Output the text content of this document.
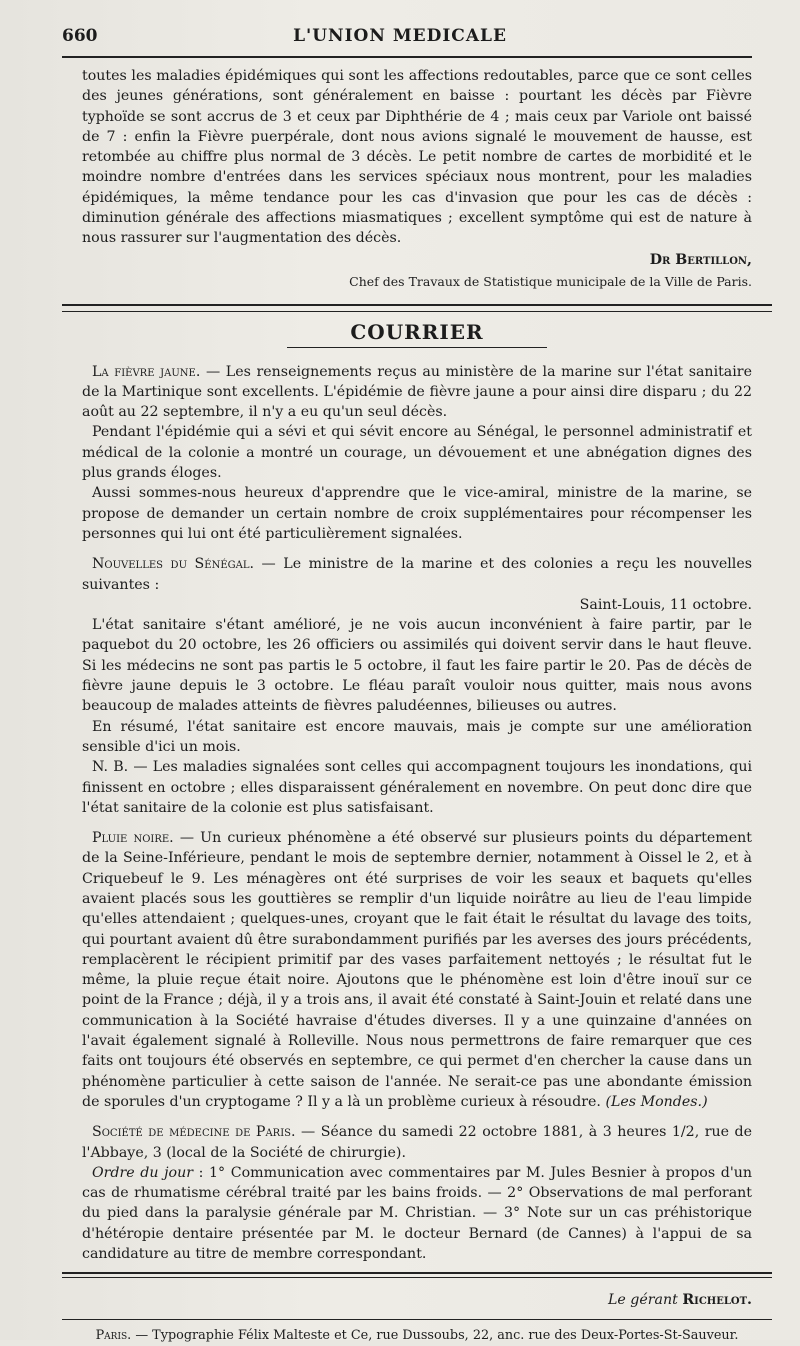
660	L'UNION MEDICALE

toutes les maladies épidémiques qui sont les affections redoutables, parce que ce sont celles des jeunes générations, sont généralement en baisse : pourtant les décès par Fièvre typhoïde se sont accrus de 3 et ceux par Diphthérie de 4 ; mais ceux par Variole ont baissé de 7 : enfin la Fièvre puerpérale, dont nous avions signalé le mouvement de hausse, est retombée au chiffre plus normal de 3 décès. Le petit nombre de cartes de morbidité et le moindre nombre d'entrées dans les services spéciaux nous montrent, pour les maladies épidémiques, la même tendance pour les cas d'invasion que pour les cas de décès : diminution générale des affections miasmatiques ; excellent symptôme qui est de nature à nous rassurer sur l'augmentation des décès.

Dr Bertillon,

Chef des Travaux de Statistique municipale de la Ville de Paris.

COURRIER

La fièvre jaune. — Les renseignements reçus au ministère de la marine sur l'état sanitaire de la Martinique sont excellents. L'épidémie de fièvre jaune a pour ainsi dire disparu ; du 22 août au 22 septembre, il n'y a eu qu'un seul décès.

Pendant l'épidémie qui a sévi et qui sévit encore au Sénégal, le personnel administratif et médical de la colonie a montré un courage, un dévouement et une abnégation dignes des plus grands éloges.

Aussi sommes-nous heureux d'apprendre que le vice-amiral, ministre de la marine, se propose de demander un certain nombre de croix supplémentaires pour récompenser les personnes qui lui ont été particulièrement signalées.

Nouvelles du Sénégal. — Le ministre de la marine et des colonies a reçu les nouvelles suivantes :

Saint-Louis, 11 octobre.

L'état sanitaire s'étant amélioré, je ne vois aucun inconvénient à faire partir, par le paquebot du 20 octobre, les 26 officiers ou assimilés qui doivent servir dans le haut fleuve. Si les médecins ne sont pas partis le 5 octobre, il faut les faire partir le 20. Pas de décès de fièvre jaune depuis le 3 octobre. Le fléau paraît vouloir nous quitter, mais nous avons beaucoup de malades atteints de fièvres paludéennes, bilieuses ou autres.

En résumé, l'état sanitaire est encore mauvais, mais je compte sur une amélioration sensible d'ici un mois.

N. B. — Les maladies signalées sont celles qui accompagnent toujours les inondations, qui finissent en octobre ; elles disparaissent généralement en novembre. On peut donc dire que l'état sanitaire de la colonie est plus satisfaisant.

Pluie noire. — Un curieux phénomène a été observé sur plusieurs points du département de la Seine-Inférieure, pendant le mois de septembre dernier, notamment à Oissel le 2, et à Criquebeuf le 9. Les ménagères ont été surprises de voir les seaux et baquets qu'elles avaient placés sous les gouttières se remplir d'un liquide noirâtre au lieu de l'eau limpide qu'elles attendaient ; quelques-unes, croyant que le fait était le résultat du lavage des toits, qui pourtant avaient dû être surabondamment purifiés par les averses des jours précédents, remplacèrent le récipient primitif par des vases parfaitement nettoyés ; le résultat fut le même, la pluie reçue était noire. Ajoutons que le phénomène est loin d'être inouï sur ce point de la France ; déjà, il y a trois ans, il avait été constaté à Saint-Jouin et relaté dans une communication à la Société havraise d'études diverses. Il y a une quinzaine d'années on l'avait également signalé à Rolleville. Nous nous permettrons de faire remarquer que ces faits ont toujours été observés en septembre, ce qui permet d'en chercher la cause dans un phénomène particulier à cette saison de l'année. Ne serait-ce pas une abondante émission de sporules d'un cryptogame ? Il y a là un problème curieux à résoudre. (Les Mondes.)

Société de médecine de Paris. — Séance du samedi 22 octobre 1881, à 3 heures 1/2, rue de l'Abbaye, 3 (local de la Société de chirurgie).

Ordre du jour : 1° Communication avec commentaires par M. Jules Besnier à propos d'un cas de rhumatisme cérébral traité par les bains froids. — 2° Observations de mal perforant du pied dans la paralysie générale par M. Christian. — 3° Note sur un cas préhistorique d'hétéropie dentaire présentée par M. le docteur Bernard (de Cannes) à l'appui de sa candidature au titre de membre correspondant.

Le gérant Richelot.

Paris. — Typographie Félix Malteste et Ce, rue Dussoubs, 22, anc. rue des Deux-Portes-St-Sauveur.
